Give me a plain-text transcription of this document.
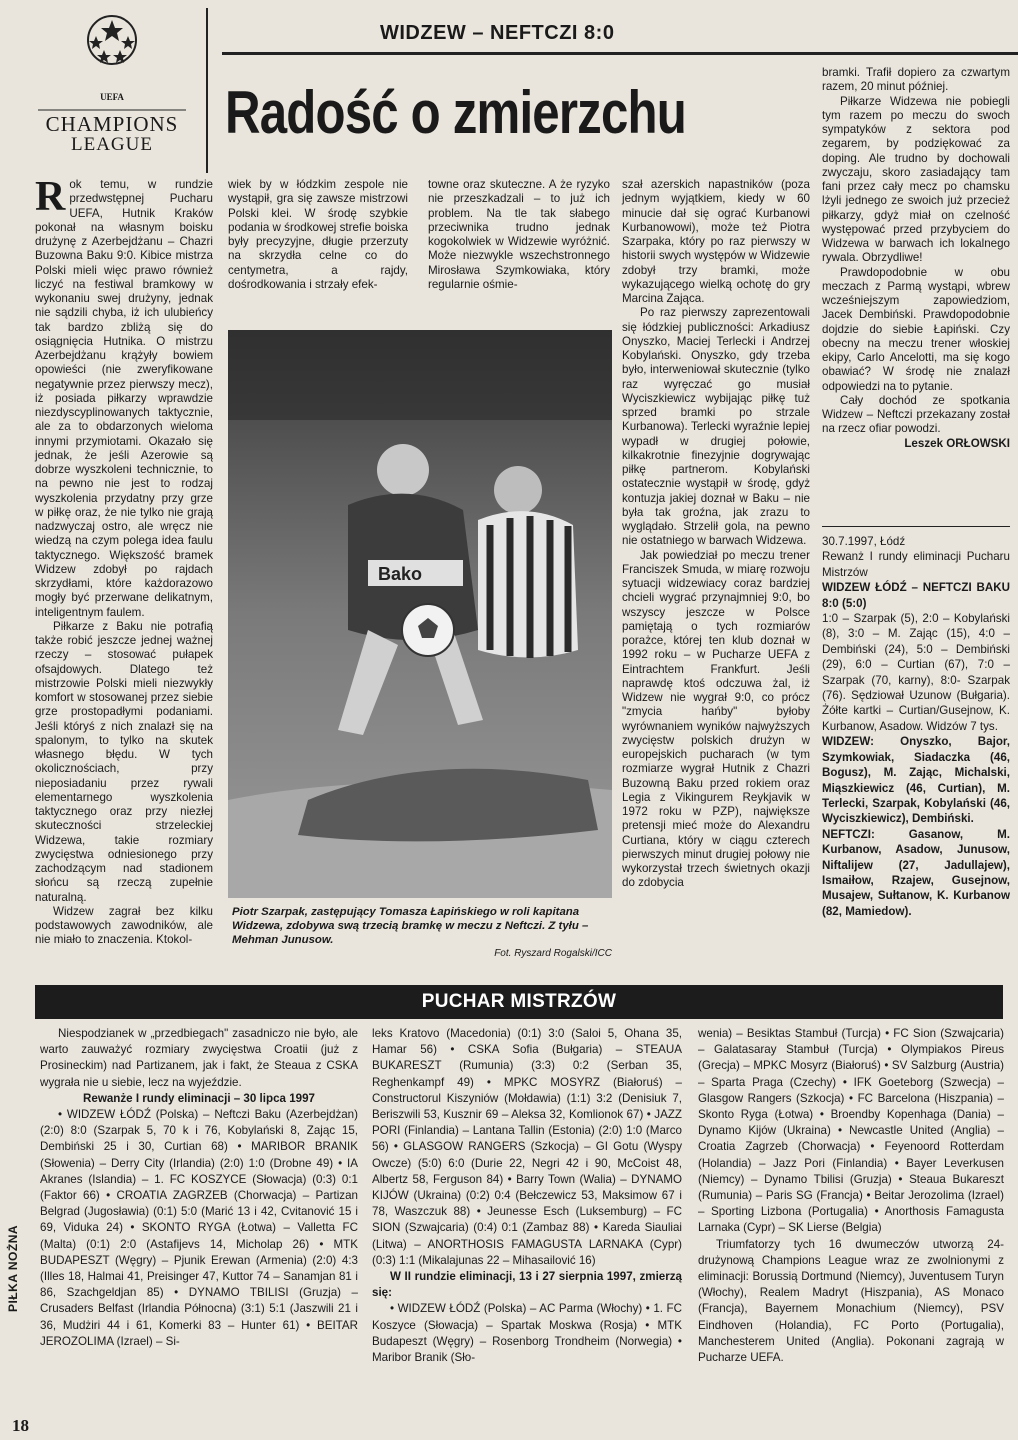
UEFA
CHAMPIONS
LEAGUE
WIDZEW – NEFTCZI 8:0
Radość o zmierzchu

Rok temu, w rundzie przedwstępnej Pucharu UEFA, Hutnik Kraków pokonał na własnym boisku drużynę z Azerbejdżanu – Chazri Buzowna Baku 9:0. Kibice mistrza Polski mieli więc prawo również liczyć na festiwal bramkowy w wykonaniu swej drużyny, jednak nie sądzili chyba, iż ich ulubieńcy tak bardzo zbliżą się do osiągnięcia Hutnika. O mistrzu Azerbejdżanu krążyły bowiem opowieści (nie zweryfikowane negatywnie przez pierwszy mecz), iż posiada piłkarzy wprawdzie niezdyscyplinowanych taktycznie, ale za to obdarzonych wieloma innymi przymiotami. Okazało się jednak, że jeśli Azerowie są dobrze wyszkoleni technicznie, to na pewno nie jest to rodzaj wyszkolenia przydatny przy grze w piłkę oraz, że nie tylko nie grają nadzwyczaj ostro, ale wręcz nie wiedzą na czym polega idea faulu taktycznego. Większość bramek Widzew zdobył po rajdach skrzydłami, które każdorazowo mogły być przerwane delikatnym, inteligentnym faulem.

Piłkarze z Baku nie potrafią także robić jeszcze jednej ważnej rzeczy – stosować pułapek ofsajdowych. Dlatego też mistrzowie Polski mieli niezwykły komfort w stosowanej przez siebie grze prostopadłymi podaniami. Jeśli któryś z nich znalazł się na spalonym, to tylko na skutek własnego błędu. W tych okolicznościach, przy nieposiadaniu przez rywali elementarnego wyszkolenia taktycznego oraz przy niezłej skuteczności strzeleckiej Widzewa, takie rozmiary zwycięstwa odniesionego przy zachodzącym nad stadionem słońcu są rzeczą zupełnie naturalną.

Widzew zagrał bez kilku podstawowych zawodników, ale nie miało to znaczenia. Ktokol-

wiek by w łódzkim zespole nie wystąpił, gra się zawsze mistrzowi Polski klei. W środę szybkie podania w środkowej strefie boiska były precyzyjne, długie przerzuty na skrzydła celne co do centymetra, a rajdy, dośrodkowania i strzały efek-

towne oraz skuteczne. A że ryzyko nie przeszkadzali – to już ich problem. Na tle tak słabego przeciwnika trudno jednak kogokolwiek w Widzewie wyróżnić. Może niezwykle wszechstronnego Mirosława Szymkowiaka, który regularnie ośmie-

Bako
Piotr Szarpak, zastępujący Tomasza Łapińskiego w roli kapitana Widzewa, zdobywa swą trzecią bramkę w meczu z Neftczi. Z tyłu – Mehman Junusow.
Fot. Ryszard Rogalski/ICC

szał azerskich napastników (poza jednym wyjątkiem, kiedy w 60 minucie dał się ograć Kurbanowi Kurbanowowi), może też Piotra Szarpaka, który po raz pierwszy w historii swych występów w Widzewie zdobył trzy bramki, może wykazującego wielką ochotę do gry Marcina Zająca.

Po raz pierwszy zaprezentowali się łódzkiej publiczności: Arkadiusz Onyszko, Maciej Terlecki i Andrzej Kobylański. Onyszko, gdy trzeba było, interweniował skutecznie (tylko raz wyręczać go musiał Wyciszkiewicz wybijając piłkę tuż sprzed bramki po strzale Kurbanowa). Terlecki wyraźnie lepiej wypadł w drugiej połowie, kilkakrotnie finezyjnie dogrywając piłkę partnerom. Kobylański ostatecznie wystąpił w środę, gdyż kontuzja jakiej doznał w Baku – nie była tak groźna, jak zrazu to wyglądało. Strzelił gola, na pewno nie ostatniego w barwach Widzewa.

Jak powiedział po meczu trener Franciszek Smuda, w miarę rozwoju sytuacji widzewiacy coraz bardziej chcieli wygrać przynajmniej 9:0, bo wszyscy jeszcze w Polsce pamiętają o tych rozmiarów porażce, której ten klub doznał w 1992 roku – w Pucharze UEFA z Eintrachtem Frankfurt. Jeśli naprawdę ktoś odczuwa żal, iż Widzew nie wygrał 9:0, co prócz "zmycia hańby" byłoby wyrównaniem wyników najwyższych zwycięstw polskich drużyn w europejskich pucharach (w tym rozmiarze wygrał Hutnik z Chazri Buzowną Baku przed rokiem oraz Legia z Vikingurem Reykjavik w 1972 roku w PZP), największe pretensji mieć może do Alexandru Curtiana, który w ciągu czterech pierwszych minut drugiej połowy nie wykorzystał trzech świetnych okazji do zdobycia

bramki. Trafił dopiero za czwartym razem, 20 minut później.

Piłkarze Widzewa nie pobiegli tym razem po meczu do swoch sympatyków z sektora pod zegarem, by podziękować za doping. Ale trudno by dochowali zwyczaju, skoro zasiadający tam fani przez cały mecz po chamsku lżyli jednego ze swoich już przecież piłkarzy, gdyż miał on czelność występować przed przybyciem do Widzewa w barwach ich lokalnego rywala. Obrzydliwe!

Prawdopodobnie w obu meczach z Parmą wystąpi, wbrew wcześniejszym zapowiedziom, Jacek Dembiński. Prawdopodobnie dojdzie do siebie Łapiński. Czy obecny na meczu trener włoskiej ekipy, Carlo Ancelotti, ma się kogo obawiać? W środę nie znalazł odpowiedzi na to pytanie.

Cały dochód ze spotkania Widzew – Neftczi przekazany został na rzecz ofiar powodzi.

Leszek ORŁOWSKI

30.7.1997, Łódź

Rewanż I rundy eliminacji Pucharu Mistrzów

WIDZEW ŁÓDŹ – NEFTCZI BAKU 8:0 (5:0)

1:0 – Szarpak (5), 2:0 – Kobylański (8), 3:0 – M. Zając (15), 4:0 – Dembiński (24), 5:0 – Dembiński (29), 6:0 – Curtian (67), 7:0 – Szarpak (70, karny), 8:0- Szarpak (76). Sędziował Uzunow (Bułgaria). Żółte kartki – Curtian/Gusejnow, K. Kurbanow, Asadow. Widzów 7 tys.

WIDZEW: Onyszko, Bajor, Szymkowiak, Siadaczka (46, Bogusz), M. Zając, Michalski, Miąszkiewicz (46, Curtian), M. Terlecki, Szarpak, Kobylański (46, Wyciszkiewicz), Dembiński.

NEFTCZI: Gasanow, M. Kurbanow, Asadow, Junusow, Niftalijew (27, Jadullajew), Ismaiłow, Rzajew, Gusejnow, Musajew, Sułtanow, K. Kurbanow (82, Mamiedow).

PUCHAR MISTRZÓW

Niespodzianek w „przedbiegach" zasadniczo nie było, ale warto zauważyć rozmiary zwycięstwa Croatii (już z Prosineckim) nad Partizanem, jak i fakt, że Steaua z CSKA wygrała nie u siebie, lecz na wyjeździe.

Rewanże I rundy eliminacji – 30 lipca 1997

• WIDZEW ŁÓDŹ (Polska) – Neftczi Baku (Azerbejdżan) (2:0) 8:0 (Szarpak 5, 70 k i 76, Kobylański 8, Zając 15, Dembiński 25 i 30, Curtian 68) • MARIBOR BRANIK (Słowenia) – Derry City (Irlandia) (2:0) 1:0 (Drobne 49) • IA Akranes (Islandia) – 1. FC KOSZYCE (Słowacja) (0:3) 0:1 (Faktor 66) • CROATIA ZAGRZEB (Chorwacja) – Partizan Belgrad (Jugosławia) (0:1) 5:0 (Marić 13 i 42, Cvitanović 15 i 69, Viduka 24) • SKONTO RYGA (Łotwa) – Valletta FC (Malta) (0:1) 2:0 (Astafijevs 14, Micholap 26) • MTK BUDAPESZT (Węgry) – Pjunik Erewan (Armenia) (2:0) 4:3 (Illes 18, Halmai 41, Preisinger 47, Kuttor 74 – Sanamjan 81 i 86, Szachgeldjan 85) • DYNAMO TBILISI (Gruzja) – Crusaders Belfast (Irlandia Północna) (3:1) 5:1 (Jaszwili 21 i 36, Mudżiri 44 i 61, Komerki 83 – Hunter 61) • BEITAR JEROZOLIMA (Izrael) – Si-

leks Kratovo (Macedonia) (0:1) 3:0 (Saloi 5, Ohana 35, Hamar 56) • CSKA Sofia (Bułgaria) – STEAUA BUKARESZT (Rumunia) (3:3) 0:2 (Serban 35, Reghenkampf 49) • MPKC MOSYRZ (Białoruś) – Constructorul Kiszyniów (Mołdawia) (1:1) 3:2 (Denisiuk 7, Beriszwili 53, Kusznir 69 – Aleksa 32, Komlionok 67) • JAZZ PORI (Finlandia) – Lantana Tallin (Estonia) (2:0) 1:0 (Marco 56) • GLASGOW RANGERS (Szkocja) – GI Gotu (Wyspy Owcze) (5:0) 6:0 (Durie 22, Negri 42 i 90, McCoist 48, Albertz 58, Ferguson 84) • Barry Town (Walia) – DYNAMO KIJÓW (Ukraina) (0:2) 0:4 (Bełczewicz 53, Maksimow 67 i 78, Waszczuk 88) • Jeunesse Esch (Luksemburg) – FC SION (Szwajcaria) (0:4) 0:1 (Zambaz 88) • Kareda Siauliai (Litwa) – ANORTHOSIS FAMAGUSTA LARNAKA (Cypr) (0:3) 1:1 (Mikalajunas 22 – Mihasailović 16)

W II rundzie eliminacji, 13 i 27 sierpnia 1997, zmierzą się:

• WIDZEW ŁÓDŹ (Polska) – AC Parma (Włochy) • 1. FC Koszyce (Słowacja) – Spartak Moskwa (Rosja) • MTK Budapeszt (Węgry) – Rosenborg Trondheim (Norwegia) • Maribor Branik (Sło-

wenia) – Besiktas Stambuł (Turcja) • FC Sion (Szwajcaria) – Galatasaray Stambuł (Turcja) • Olympiakos Pireus (Grecja) – MPKC Mosyrz (Białoruś) • SV Salzburg (Austria) – Sparta Praga (Czechy) • IFK Goeteborg (Szwecja) – Glasgow Rangers (Szkocja) • FC Barcelona (Hiszpania) – Skonto Ryga (Łotwa) • Broendby Kopenhaga (Dania) – Dynamo Kijów (Ukraina) • Newcastle United (Anglia) – Croatia Zagrzeb (Chorwacja) • Feyenoord Rotterdam (Holandia) – Jazz Pori (Finlandia) • Bayer Leverkusen (Niemcy) – Dynamo Tbilisi (Gruzja) • Steaua Bukareszt (Rumunia) – Paris SG (Francja) • Beitar Jerozolima (Izrael) – Sporting Lizbona (Portugalia) • Anorthosis Famagusta Larnaka (Cypr) – SK Lierse (Belgia)

Triumfatorzy tych 16 dwumeczów utworzą 24-drużynową Champions League wraz ze zwolnionymi z eliminacji: Borussią Dortmund (Niemcy), Juventusem Turyn (Włochy), Realem Madryt (Hiszpania), AS Monaco (Francja), Bayernem Monachium (Niemcy), PSV Eindhoven (Holandia), FC Porto (Portugalia), Manchesterem United (Anglia). Pokonani zagrają w Pucharze UEFA.

PIŁKA NOŻNA
18
